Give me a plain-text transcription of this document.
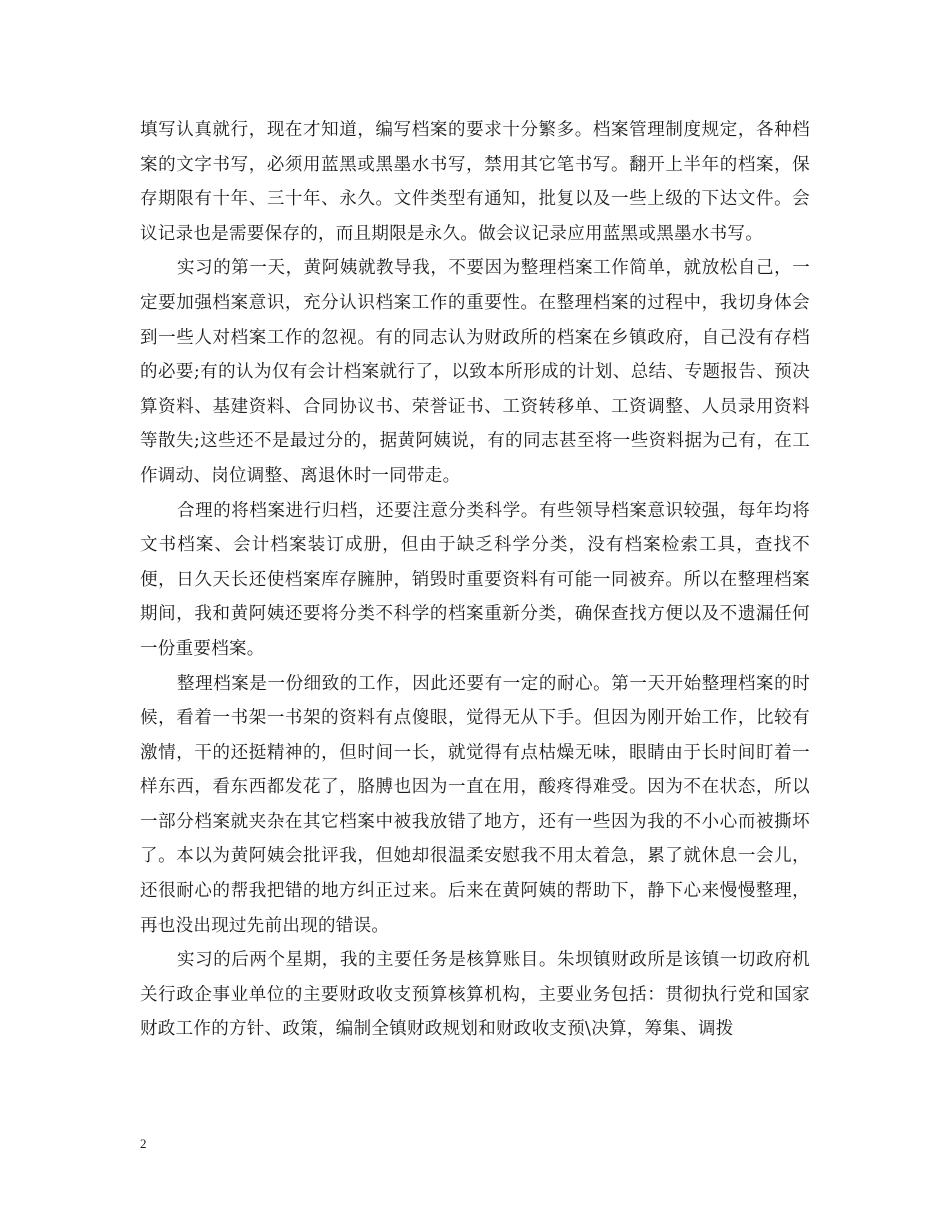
填写认真就行，现在才知道，编写档案的要求十分繁多。档案管理制度规定，各种档案的文字书写，必须用蓝黑或黑墨水书写，禁用其它笔书写。翻开上半年的档案，保存期限有十年、三十年、永久。文件类型有通知，批复以及一些上级的下达文件。会议记录也是需要保存的，而且期限是永久。做会议记录应用蓝黑或黑墨水书写。

实习的第一天，黄阿姨就教导我，不要因为整理档案工作简单，就放松自己，一定要加强档案意识，充分认识档案工作的重要性。在整理档案的过程中，我切身体会到一些人对档案工作的忽视。有的同志认为财政所的档案在乡镇政府，自己没有存档的必要;有的认为仅有会计档案就行了，以致本所形成的计划、总结、专题报告、预决算资料、基建资料、合同协议书、荣誉证书、工资转移单、工资调整、人员录用资料等散失;这些还不是最过分的，据黄阿姨说，有的同志甚至将一些资料据为己有，在工作调动、岗位调整、离退休时一同带走。

合理的将档案进行归档，还要注意分类科学。有些领导档案意识较强，每年均将文书档案、会计档案装订成册，但由于缺乏科学分类，没有档案检索工具，查找不便，日久天长还使档案库存臃肿，销毁时重要资料有可能一同被弃。所以在整理档案期间，我和黄阿姨还要将分类不科学的档案重新分类，确保查找方便以及不遗漏任何一份重要档案。

整理档案是一份细致的工作，因此还要有一定的耐心。第一天开始整理档案的时候，看着一书架一书架的资料有点傻眼，觉得无从下手。但因为刚开始工作，比较有激情，干的还挺精神的，但时间一长，就觉得有点枯燥无味，眼睛由于长时间盯着一样东西，看东西都发花了，胳膊也因为一直在用，酸疼得难受。因为不在状态，所以一部分档案就夹杂在其它档案中被我放错了地方，还有一些因为我的不小心而被撕坏了。本以为黄阿姨会批评我，但她却很温柔安慰我不用太着急，累了就休息一会儿，还很耐心的帮我把错的地方纠正过来。后来在黄阿姨的帮助下，静下心来慢慢整理，再也没出现过先前出现的错误。

实习的后两个星期，我的主要任务是核算账目。朱坝镇财政所是该镇一切政府机关行政企事业单位的主要财政收支预算核算机构，主要业务包括：贯彻执行党和国家财政工作的方针、政策，编制全镇财政规划和财政收支预\决算，筹集、调拨

2
